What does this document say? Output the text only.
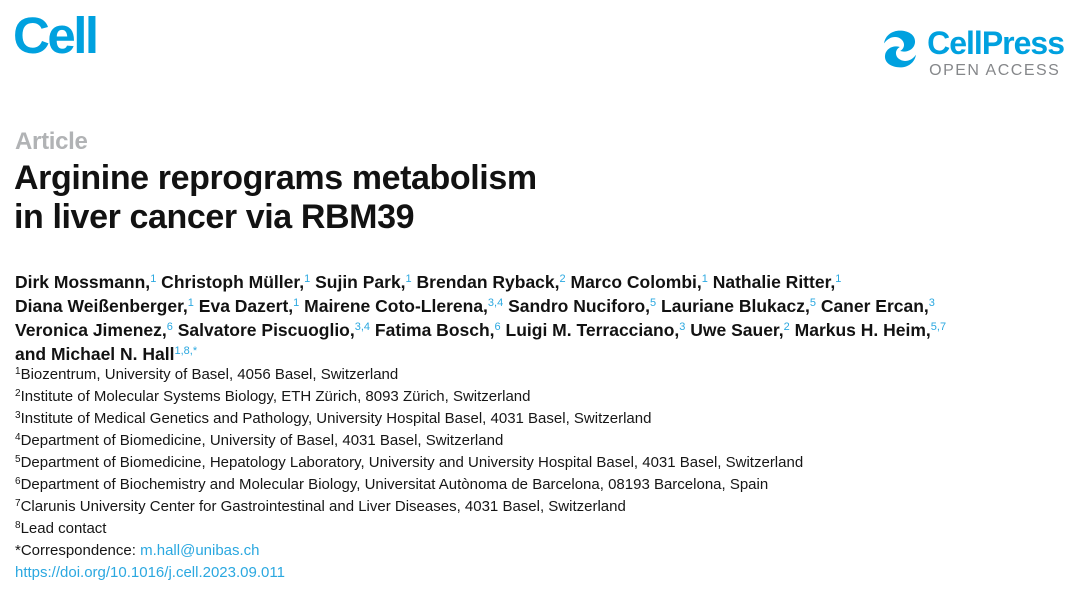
Cell	CellPress
OPEN ACCESS
Article
Arginine reprograms metabolism
in liver cancer via RBM39
Dirk Mossmann,$^1$ Christoph Müller,$^1$ Sujin Park,$^1$ Brendan Ryback,$^2$ Marco Colombi,$^1$ Nathalie Ritter,$^1$
Diana Weißenberger,$^1$ Eva Dazert,$^1$ Mairene Coto-Llerena,$^{3,4}$ Sandro Nuciforo,$^5$ Lauriane Blukacz,$^5$ Caner Ercan,$^3$
Veronica Jimenez,$^6$ Salvatore Piscuoglio,$^{3,4}$ Fatima Bosch,$^6$ Luigi M. Terracciano,$^3$ Uwe Sauer,$^2$ Markus H. Heim,$^{5,7}$
and Michael N. Hall$^{1,8,*}$
$^1$Biozentrum, University of Basel, 4056 Basel, Switzerland
$^2$Institute of Molecular Systems Biology, ETH Zürich, 8093 Zürich, Switzerland
$^3$Institute of Medical Genetics and Pathology, University Hospital Basel, 4031 Basel, Switzerland
$^4$Department of Biomedicine, University of Basel, 4031 Basel, Switzerland
$^5$Department of Biomedicine, Hepatology Laboratory, University and University Hospital Basel, 4031 Basel, Switzerland
$^6$Department of Biochemistry and Molecular Biology, Universitat Autònoma de Barcelona, 08193 Barcelona, Spain
$^7$Clarunis University Center for Gastrointestinal and Liver Diseases, 4031 Basel, Switzerland
$^8$Lead contact
*Correspondence: m.hall@unibas.ch
https://doi.org/10.1016/j.cell.2023.09.011
